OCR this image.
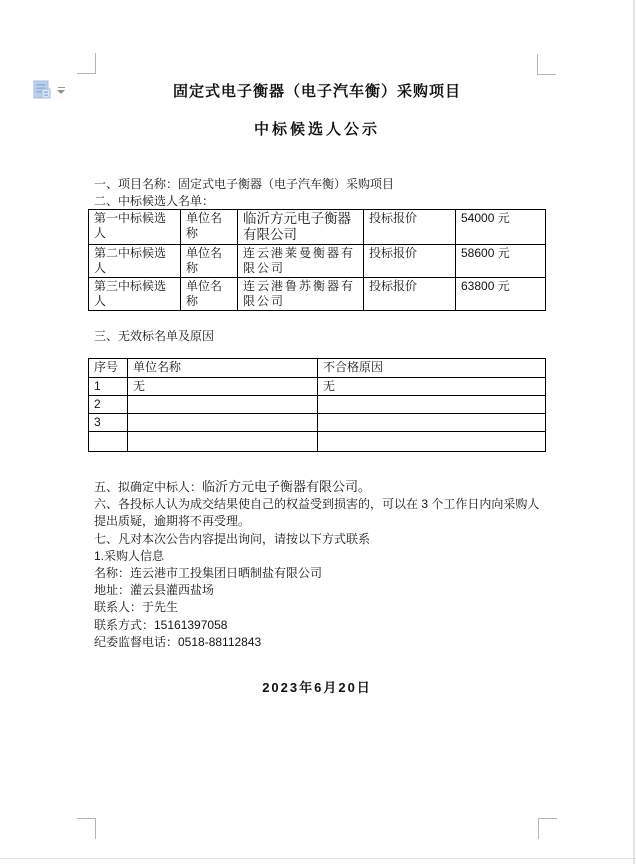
固定式电子衡器（电子汽车衡）采购项目
中标候选人公示
一、项目名称：固定式电子衡器（电子汽车衡）采购项目
二、中标候选人名单：
第一中标候选人	单位名称	临沂方元电子衡器有限公司	投标报价	54000 元
第二中标候选人	单位名称	连云港莱曼衡器有限公司	投标报价	58600 元
第三中标候选人	单位名称	连云港鲁苏衡器有限公司	投标报价	63800 元
三、无效标名单及原因
序号	单位名称	不合格原因
1	无	无
2		
3		

五、拟确定中标人：临沂方元电子衡器有限公司。

六、各投标人认为成交结果使自己的权益受到损害的，可以在 3 个工作日内向采购人提出质疑，逾期将不再受理。

七、凡对本次公告内容提出询问，请按以下方式联系

1.采购人信息

名称：连云港市工投集团日晒制盐有限公司

地址：灌云县灌西盐场

联系人：于先生

联系方式：15161397058

纪委监督电话：0518-88112843

2023年6月20日
